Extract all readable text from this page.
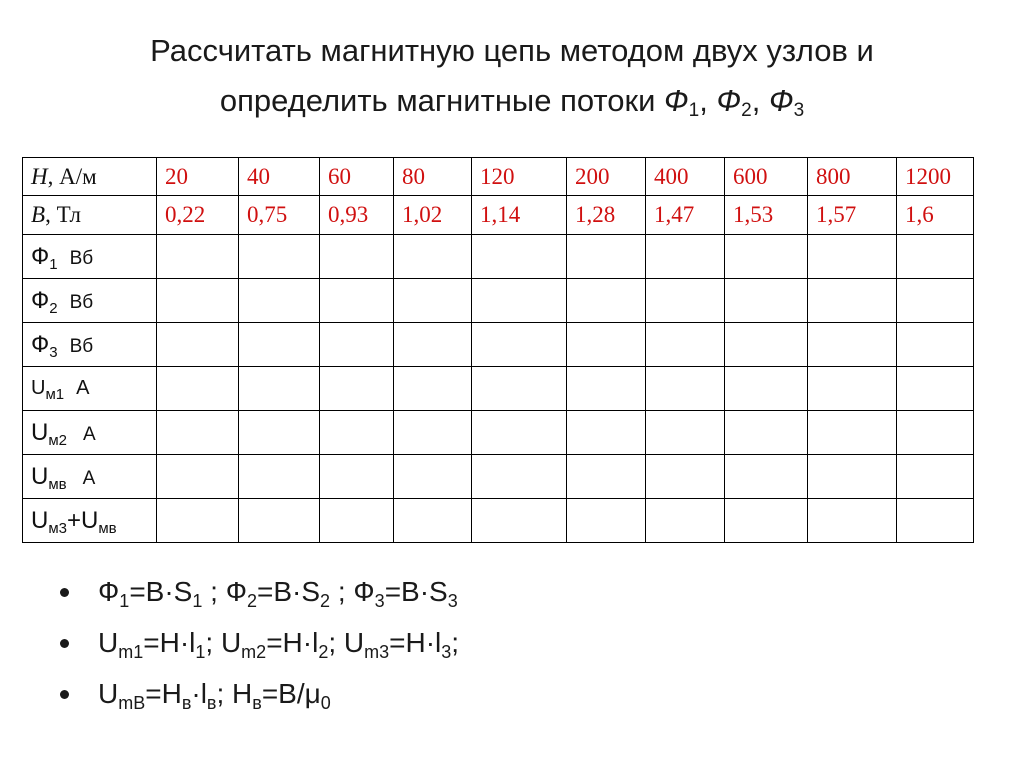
Рассчитать магнитную цепь методом двух узлов и
определить магнитные потоки $Ф_1$, $Ф_2$, $Ф_3$
H, А/м	20	40	60	80	120	200	400	600	800	1200
B, Тл	0,22	0,75	0,93	1,02	1,14	1,28	1,47	1,53	1,57	1,6
$Ф_1$ Вб										
$Ф_2$ Вб										
$Ф_3$ Вб										
$U_{м1}$ А										
$U_{м2}$ А										
$U_{мв}$ А										
$U_{м3}+U_{мв}$										
$Ф_1=B\cdot S_1$ ; $Ф_2=B\cdot S_2$ ; $Ф_3=B\cdot S_3$
$U_{m1}=H\cdot l_1$; $U_{m2}=H\cdot l_2$; $U_{m3}=H\cdot l_3$;
$U_{mB}=H_в\cdot l_в$; $H_в=B/\mu_0$
